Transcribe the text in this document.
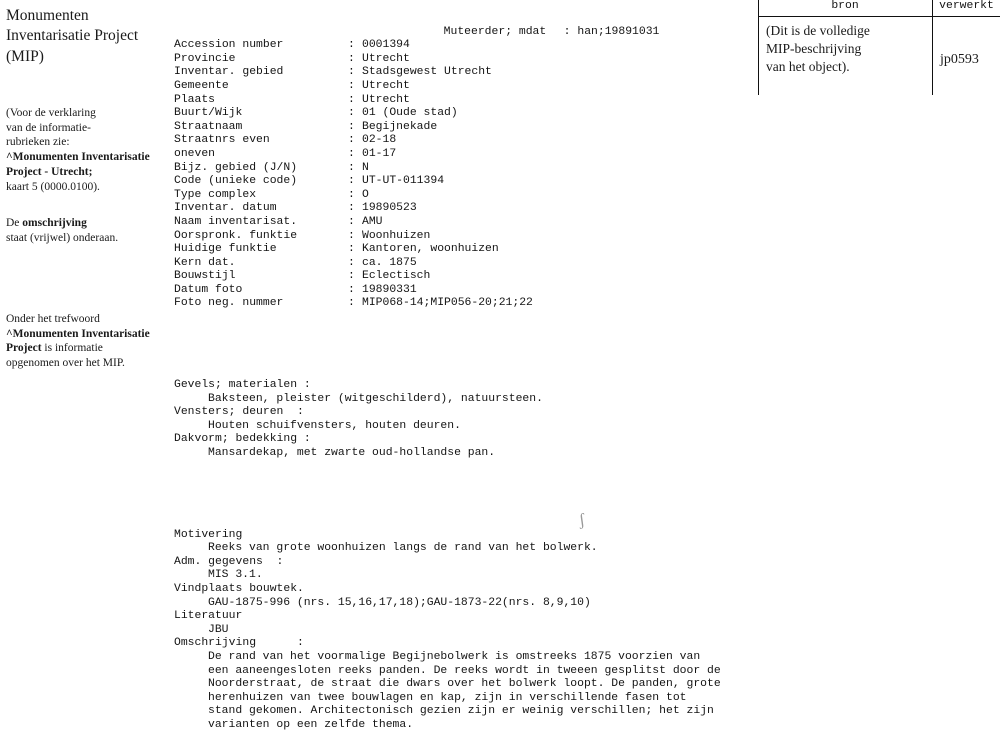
Monumenten Inventarisatie Project (MIP)
(Voor de verklaring
van de informatie-
rubrieken zie:
^Monumenten Inventarisatie
Project - Utrecht;
kaart 5 (0000.0100).
De omschrijving
staat (vrijwel) onderaan.
Onder het trefwoord
^Monumenten Inventarisatie
Project is informatie
opgenomen over het MIP.

Accession number	: 0001394
Provincie	: Utrecht
Inventar. gebied	: Stadsgewest Utrecht
Gemeente	: Utrecht
Plaats	: Utrecht
Buurt/Wijk	: 01 (Oude stad)
Straatnaam	: Begijnekade
Straatnrs even	: 02-18
oneven	: 01-17
Bijz. gebied (J/N)	: N
Code (unieke code)	: UT-UT-011394
Type complex	: O
Inventar. datum	: 19890523
Naam inventarisat.	: AMU
Oorspronk. funktie	: Woonhuizen
Huidige funktie	: Kantoren, woonhuizen
Kern dat.	: ca. 1875
Bouwstijl	: Eclectisch
Datum foto	: 19890331
Foto neg. nummer	: MIP068-14;MIP056-20;21;22

Gevels; materialen :
Baksteen, pleister (witgeschilderd), natuursteen.
Vensters; deuren  :
Houten schuifvensters, houten deuren.
Dakvorm; bedekking :
Mansardekap, met zwarte oud-hollandse pan.

Motivering
Reeks van grote woonhuizen langs de rand van het bolwerk.
Adm. gegevens  :
MIS 3.1.
Vindplaats bouwtek.
GAU-1875-996 (nrs. 15,16,17,18);GAU-1873-22(nrs. 8,9,10)
Literatuur
JBU
Omschrijving      :
De rand van het voormalige Begijnebolwerk is omstreeks 1875 voorzien van
een aaneengesloten reeks panden. De reeks wordt in tweeen gesplitst door de
Noorderstraat, de straat die dwars over het bolwerk loopt. De panden, grote
herenhuizen van twee bouwlagen en kap, zijn in verschillende fasen tot
stand gekomen. Architectonisch gezien zijn er weinig verschillen; het zijn
varianten op een zelfde thema.

Muteerder; mdat : han;19891031

ʃ
bron	verwerkt
(Dit is de volledige
MIP-beschrijving
van het object).	jp0593
